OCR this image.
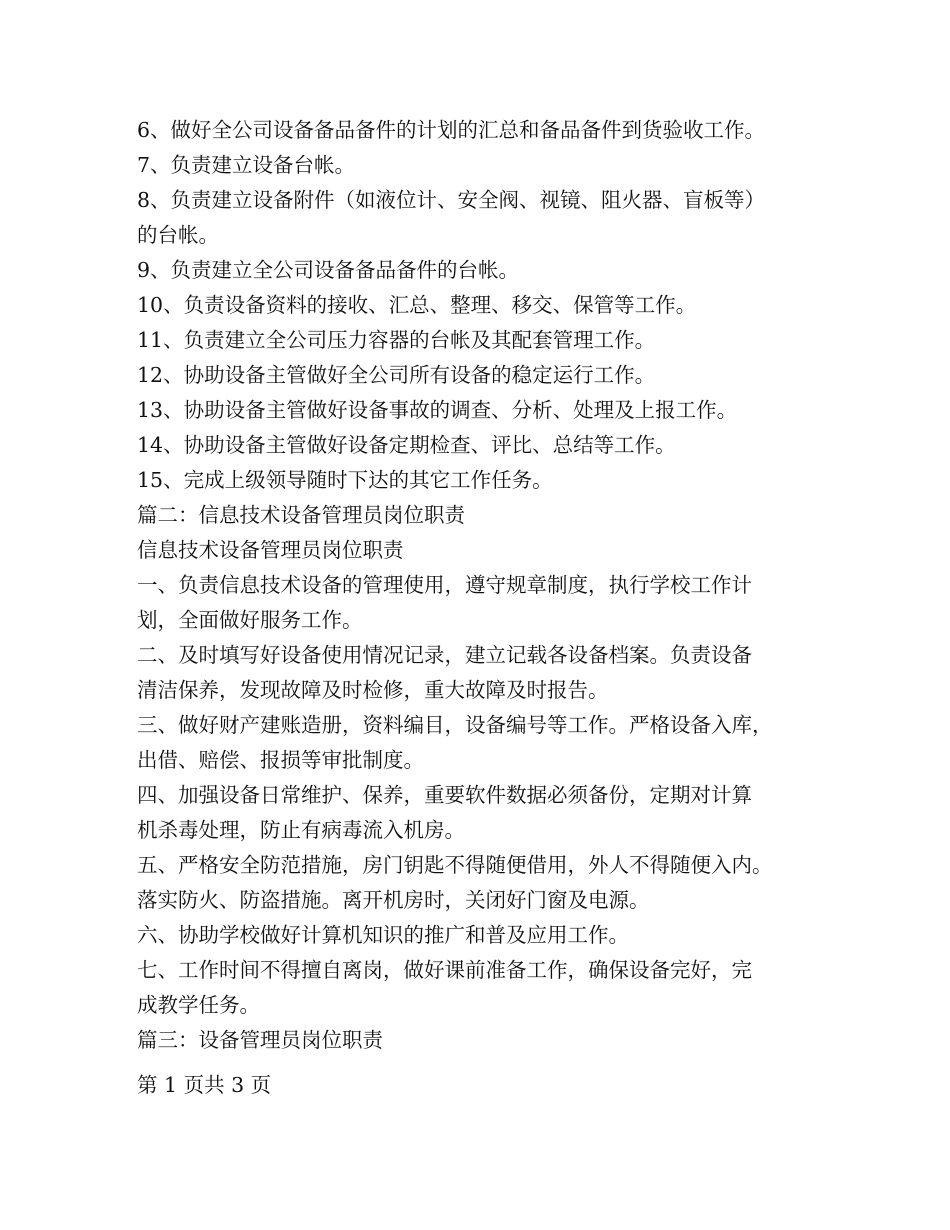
6、做好全公司设备备品备件的计划的汇总和备品备件到货验收工作。
7、负责建立设备台帐。
8、负责建立设备附件（如液位计、安全阀、视镜、阻火器、盲板等）
的台帐。
9、负责建立全公司设备备品备件的台帐。
10、负责设备资料的接收、汇总、整理、移交、保管等工作。
11、负责建立全公司压力容器的台帐及其配套管理工作。
12、协助设备主管做好全公司所有设备的稳定运行工作。
13、协助设备主管做好设备事故的调查、分析、处理及上报工作。
14、协助设备主管做好设备定期检查、评比、总结等工作。
15、完成上级领导随时下达的其它工作任务。
篇二：信息技术设备管理员岗位职责
信息技术设备管理员岗位职责
一、负责信息技术设备的管理使用，遵守规章制度，执行学校工作计
划，全面做好服务工作。
二、及时填写好设备使用情况记录，建立记载各设备档案。负责设备
清洁保养，发现故障及时检修，重大故障及时报告。
三、做好财产建账造册，资料编目，设备编号等工作。严格设备入库，
出借、赔偿、报损等审批制度。
四、加强设备日常维护、保养，重要软件数据必须备份，定期对计算
机杀毒处理，防止有病毒流入机房。
五、严格安全防范措施，房门钥匙不得随便借用，外人不得随便入内。
落实防火、防盗措施。离开机房时，关闭好门窗及电源。
六、协助学校做好计算机知识的推广和普及应用工作。
七、工作时间不得擅自离岗，做好课前准备工作，确保设备完好，完
成教学任务。
篇三：设备管理员岗位职责
第 1 页共 3 页
